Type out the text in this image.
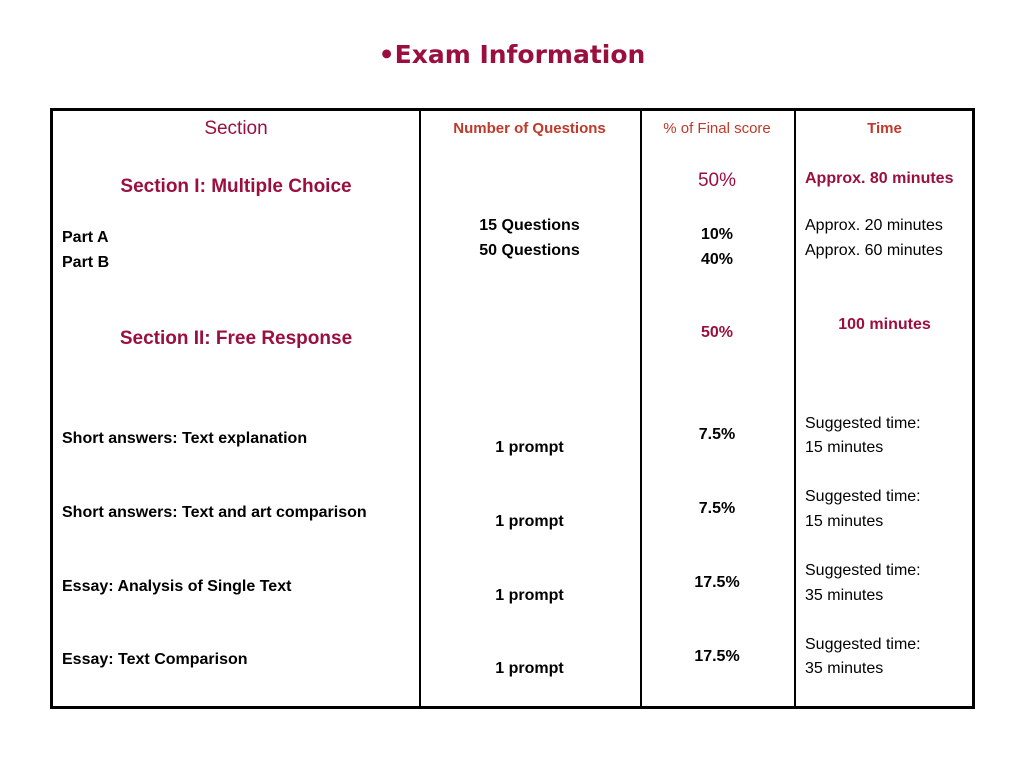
•Exam Information
Section
Section I: Multiple Choice
Part A
Part B
Section II: Free Response
Short answers: Text explanation
Short answers: Text and art comparison
Essay: Analysis of Single Text
Essay: Text Comparison
Number of Questions
15 Questions
50 Questions
1 prompt
1 prompt
1 prompt
1 prompt
% of Final score
50%
10%
40%
50%
7.5%
7.5%
17.5%
17.5%
Time
Approx. 80 minutes
Approx. 20 minutes
Approx. 60 minutes
100 minutes
Suggested time:
15 minutes
Suggested time:
15 minutes
Suggested time:
35 minutes
Suggested time:
35 minutes
